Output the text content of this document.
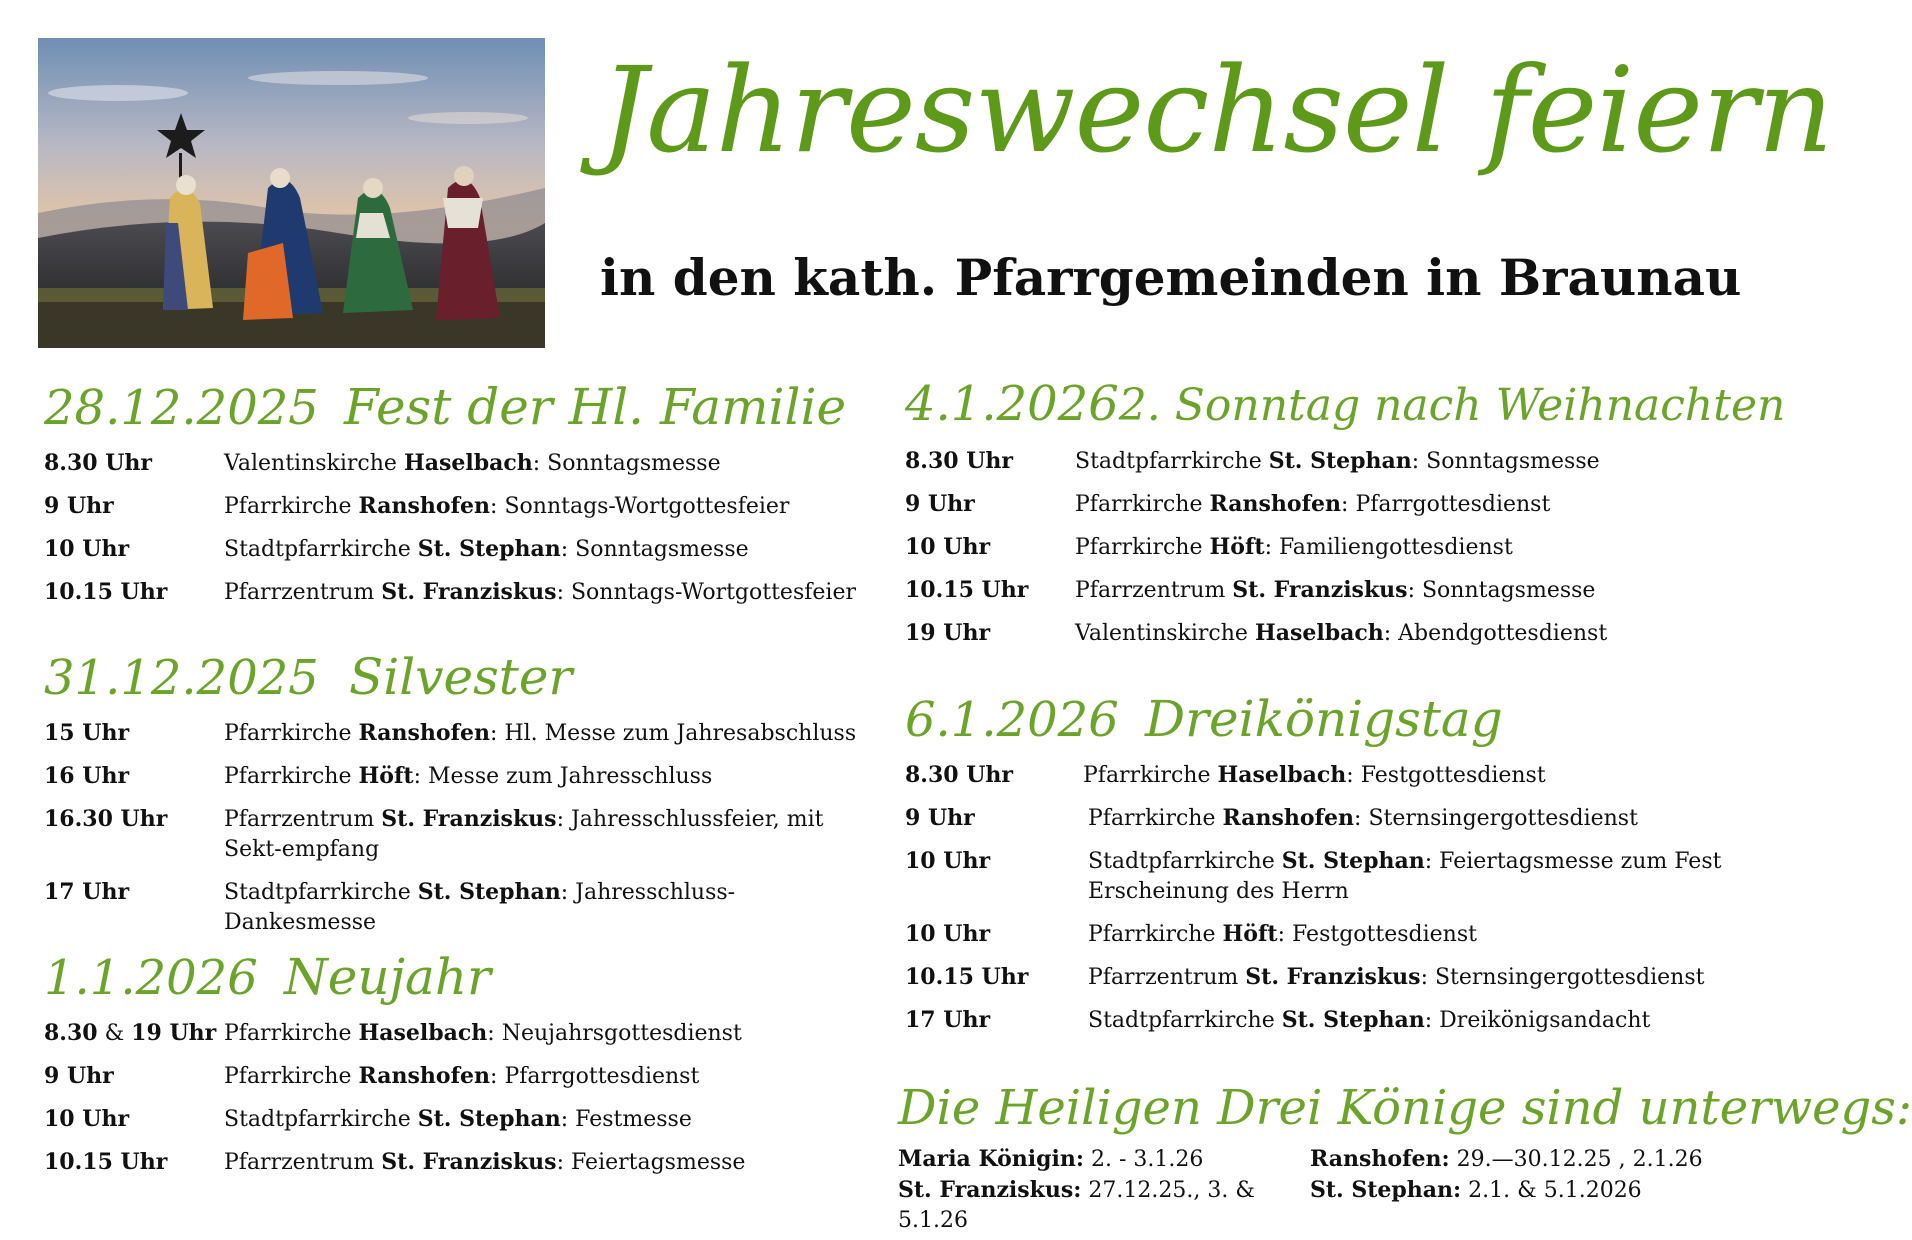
Jahreswechsel feiern
in den kath. Pfarrgemeinden in Braunau
28.12.2025 Fest der Hl. Familie
8.30 Uhr	Valentinskirche Haselbach: Sonntagsmesse
9 Uhr	Pfarrkirche Ranshofen: Sonntags-Wortgottesfeier
10 Uhr	Stadtpfarrkirche St. Stephan: Sonntagsmesse
10.15 Uhr	Pfarrzentrum St. Franziskus: Sonntags-Wortgottesfeier
31.12.2025 Silvester
15 Uhr	Pfarrkirche Ranshofen: Hl. Messe zum Jahresabschluss
16 Uhr	Pfarrkirche Höft: Messe zum Jahresschluss
16.30 Uhr	Pfarrzentrum St. Franziskus: Jahresschlussfeier, mit Sekt-empfang
17 Uhr	Stadtpfarrkirche St. Stephan: Jahresschluss-Dankesmesse
1.1.2026 Neujahr
8.30 & 19 Uhr Pfarrkirche Haselbach: Neujahrsgottesdienst
9 Uhr	Pfarrkirche Ranshofen: Pfarrgottesdienst
10 Uhr	Stadtpfarrkirche St. Stephan: Festmesse
10.15 Uhr	Pfarrzentrum St. Franziskus: Feiertagsmesse
4.1.2026 2. Sonntag nach Weihnachten
8.30 Uhr	Stadtpfarrkirche St. Stephan: Sonntagsmesse
9 Uhr	Pfarrkirche Ranshofen: Pfarrgottesdienst
10 Uhr	Pfarrkirche Höft: Familiengottesdienst
10.15 Uhr	Pfarrzentrum St. Franziskus: Sonntagsmesse
19 Uhr	Valentinskirche Haselbach: Abendgottesdienst
6.1.2026 Dreikönigstag
8.30 Uhr	Pfarrkirche Haselbach: Festgottesdienst
9 Uhr	Pfarrkirche Ranshofen: Sternsingergottesdienst
10 Uhr	Stadtpfarrkirche St. Stephan: Feiertagsmesse zum Fest Erscheinung des Herrn
10 Uhr	Pfarrkirche Höft: Festgottesdienst
10.15 Uhr	Pfarrzentrum St. Franziskus: Sternsingergottesdienst
17 Uhr	Stadtpfarrkirche St. Stephan: Dreikönigsandacht
Die Heiligen Drei Könige sind unterwegs:
Maria Königin: 2. - 3.1.26
St. Franziskus: 27.12.25., 3. & 5.1.26
Ranshofen: 29.—30.12.25 , 2.1.26
St. Stephan: 2.1. & 5.1.2026
